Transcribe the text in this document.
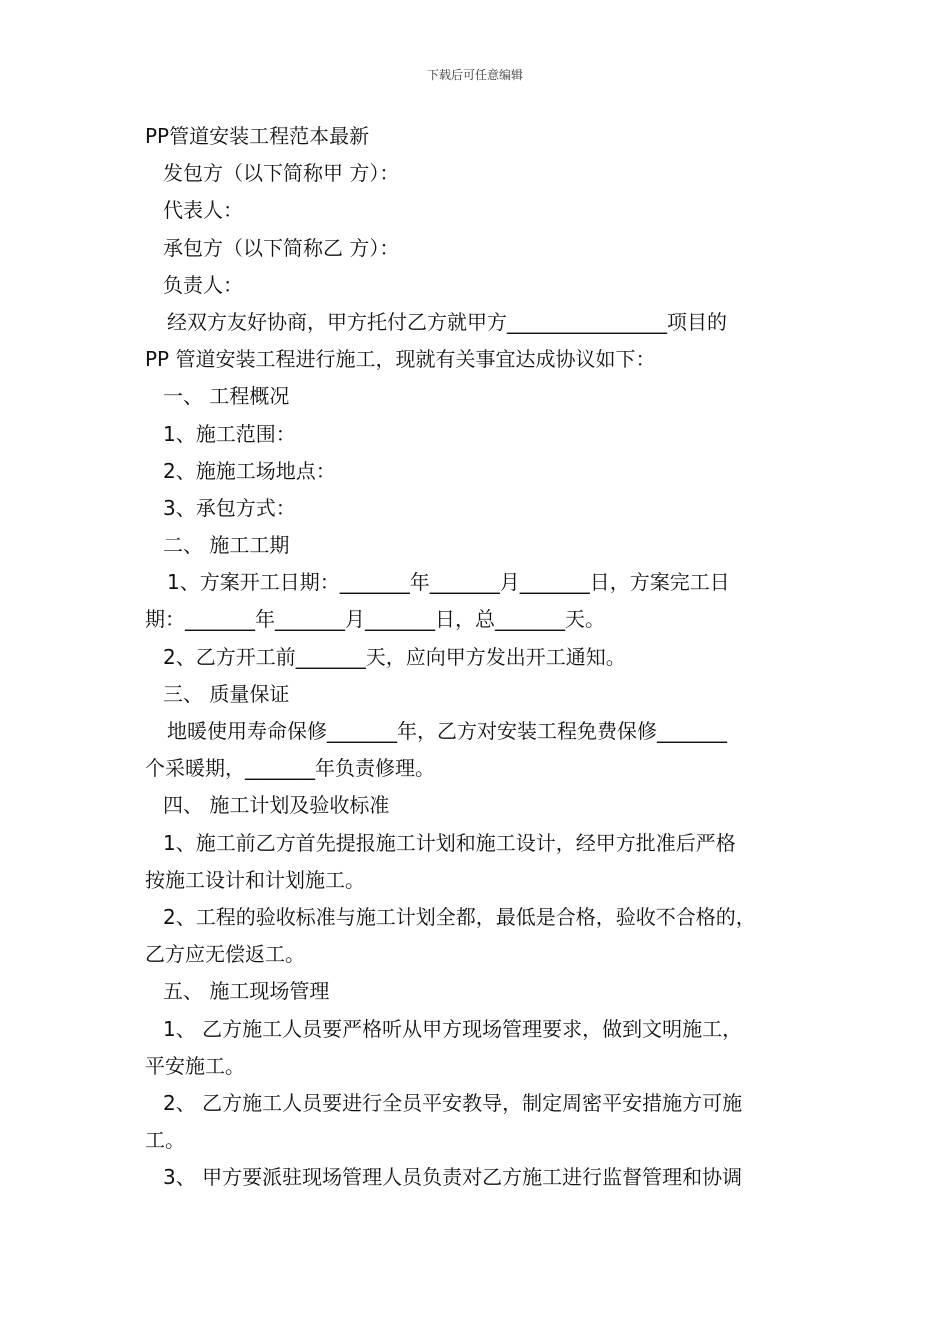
下载后可任意编辑
PP管道安装工程范本最新
发包方（以下简称甲 方）：
代表人：
承包方（以下简称乙 方）：
负责人：
经双方友好协商，甲方托付乙方就甲方________________项目的
PP 管道安装工程进行施工，现就有关事宜达成协议如下：
一、 工程概况
1、施工范围：
2、施施工场地点：
3、承包方式：
二、 施工工期
1、方案开工日期：_______年_______月_______日，方案完工日
期：_______年_______月_______日，总_______天。
2、乙方开工前_______天，应向甲方发出开工通知。
三、 质量保证
地暖使用寿命保修_______年，乙方对安装工程免费保修_______
个采暖期，_______年负责修理。
四、 施工计划及验收标准
1、施工前乙方首先提报施工计划和施工设计，经甲方批准后严格
按施工设计和计划施工。
2、工程的验收标准与施工计划全都，最低是合格，验收不合格的，
乙方应无偿返工。
五、 施工现场管理
1、 乙方施工人员要严格听从甲方现场管理要求，做到文明施工，
平安施工。
2、 乙方施工人员要进行全员平安教导，制定周密平安措施方可施
工。
3、 甲方要派驻现场管理人员负责对乙方施工进行监督管理和协调
